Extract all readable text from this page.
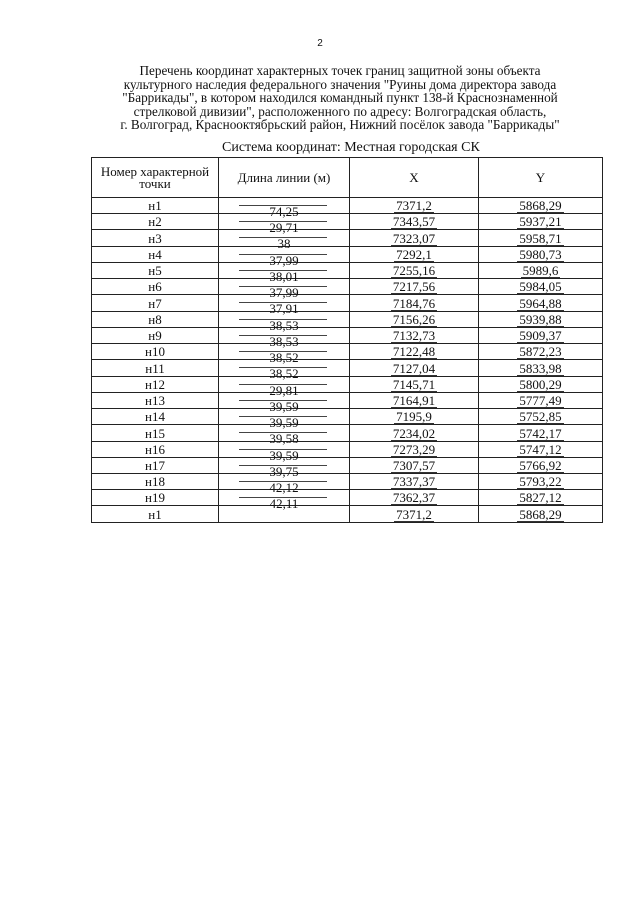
2
Перечень координат характерных точек границ защитной зоны объекта
культурного наследия федерального значения "Руины дома директора завода
"Баррикады", в котором находился командный пункт 138-й Краснознаменной
стрелковой дивизии", расположенного по адресу: Волгоградская область,
г. Волгоград, Краснооктябрьский район, Нижний посёлок завода "Баррикады"
Система координат: Местная городская СК
Номер характерной точки	Длина линии (м)	X	Y
н1	74,25	7371,2	5868,29
н2	29,71	7343,57	5937,21
н3	38	7323,07	5958,71
н4	37,99	7292,1	5980,73
н5	38,01	7255,16	5989,6
н6	37,99	7217,56	5984,05
н7	37,91	7184,76	5964,88
н8	38,53	7156,26	5939,88
н9	38,53	7132,73	5909,37
н10	38,52	7122,48	5872,23
н11	38,52	7127,04	5833,98
н12	29,81	7145,71	5800,29
н13	39,59	7164,91	5777,49
н14	39,59	7195,9	5752,85
н15	39,58	7234,02	5742,17
н16	39,59	7273,29	5747,12
н17	39,75	7307,57	5766,92
н18	42,12	7337,37	5793,22
н19	42,11	7362,37	5827,12
н1		7371,2	5868,29
